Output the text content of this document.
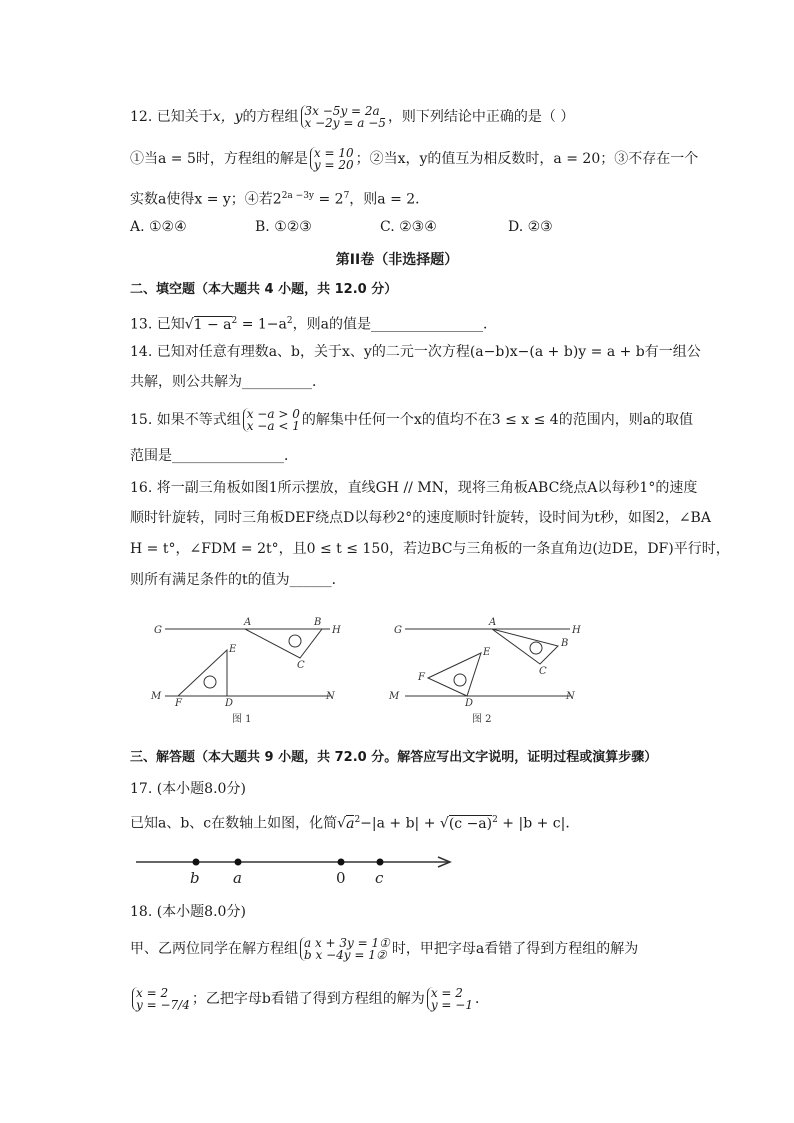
12. 已知关于x，y的方程组 3x −5y = 2a
x −2y = a −5 ，则下列结论中正确的是（ ）
①当a = 5时，方程组的解是 x = 10
y = 20 ；②当x，y的值互为相反数时，a = 20；③不存在一个
实数a使得x = y；④若$2^{2a -3y} = 2^7$，则a = 2．
A. ①②④	B. ①②③	C. ②③④	D. ②③
第II卷（非选择题）
二、填空题（本大题共 4 小题，共 12.0 分）
13. 已知$√1 - a^2 = 1-a^2$，则a的值是________________．
14. 已知对任意有理数a、b，关于x、y的二元一次方程(a−b)x−(a + b)y = a + b有一组公
共解，则公共解为__________．
15. 如果不等式组 x −a > 0
x −a < 1 的解集中任何一个x的值均不在3 ≤ x ≤ 4的范围内，则a的取值
范围是________________．
16. 将一副三角板如图1所示摆放，直线GH // MN，现将三角板ABC绕点A以每秒1°的速度
顺时针旋转，同时三角板DEF绕点D以每秒2°的速度顺时针旋转，设时间为t秒，如图2，∠BA
H = t°，∠FDM = 2t°，且0 ≤ t ≤ 150，若边BC与三角板的一条直角边(边DE，DF)平行时，
则所有满足条件的t的值为______．
G	H
M	N
A	B
C
E
D
F
图 1
G	H
M	N
A
B
C
E
D
F
图 2
三、解答题（本大题共 9 小题，共 72.0 分。解答应写出文字说明，证明过程或演算步骤）
17. (本小题8.0分)
已知a、b、c在数轴上如图，化简$√a^2-|a + b| + √(c -a)^2 + |b + c|$．
b a	0 c
18. (本小题8.0分)
甲、乙两位同学在解方程组 a x + 3y = 1①
b x −4y = 1② 时，甲把字母a看错了得到方程组的解为
x = 2
y = −7/4 ；乙把字母b看错了得到方程组的解为 x = 2
y = −1 ．
